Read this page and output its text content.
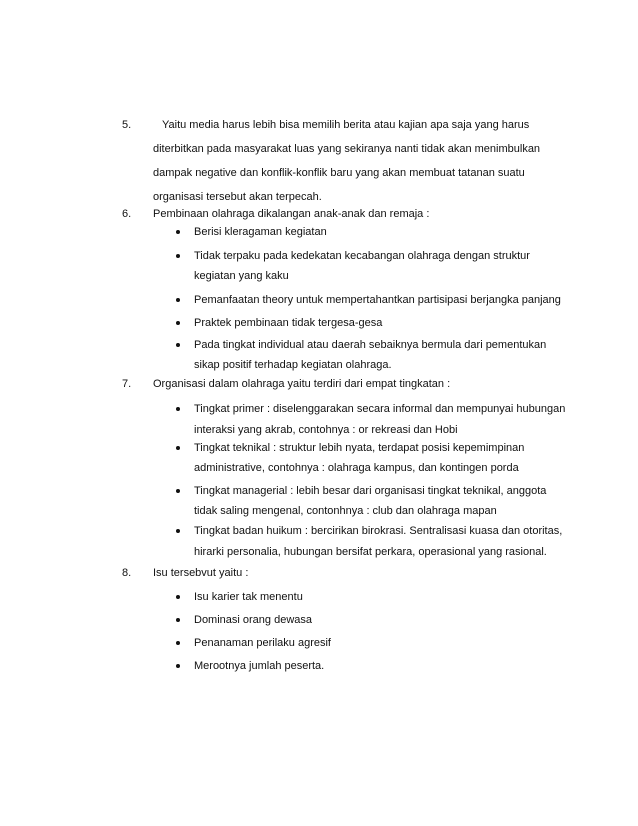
5.	Yaitu media harus lebih bisa memilih berita atau kajian apa saja yang harus
diterbitkan pada masyarakat luas yang sekiranya nanti tidak akan menimbulkan
dampak negative dan konflik-konflik baru yang akan membuat tatanan suatu
organisasi tersebut akan terpecah.
6. Pembinaan olahraga dikalangan anak-anak dan remaja :
Berisi kleragaman kegiatan
Tidak terpaku pada kedekatan kecabangan olahraga dengan struktur
kegiatan yang kaku
Pemanfaatan theory untuk mempertahantkan partisipasi berjangka panjang
Praktek pembinaan tidak tergesa-gesa
Pada tingkat individual atau daerah sebaiknya bermula dari pementukan
sikap positif terhadap kegiatan olahraga.
7. Organisasi dalam olahraga yaitu terdiri dari empat tingkatan :
Tingkat primer : diselenggarakan secara informal dan mempunyai hubungan
interaksi yang akrab, contohnya : or rekreasi dan Hobi
Tingkat teknikal : struktur lebih nyata, terdapat posisi kepemimpinan
administrative, contohnya : olahraga kampus, dan kontingen porda
Tingkat managerial : lebih besar dari organisasi tingkat teknikal, anggota
tidak saling mengenal, contonhnya : club dan olahraga mapan
Tingkat badan huikum : bercirikan birokrasi. Sentralisasi kuasa dan otoritas,
hirarki personalia, hubungan bersifat perkara, operasional yang rasional.
8. Isu tersebvut yaitu :
Isu karier tak menentu
Dominasi orang dewasa
Penanaman perilaku agresif
Merootnya jumlah peserta.
